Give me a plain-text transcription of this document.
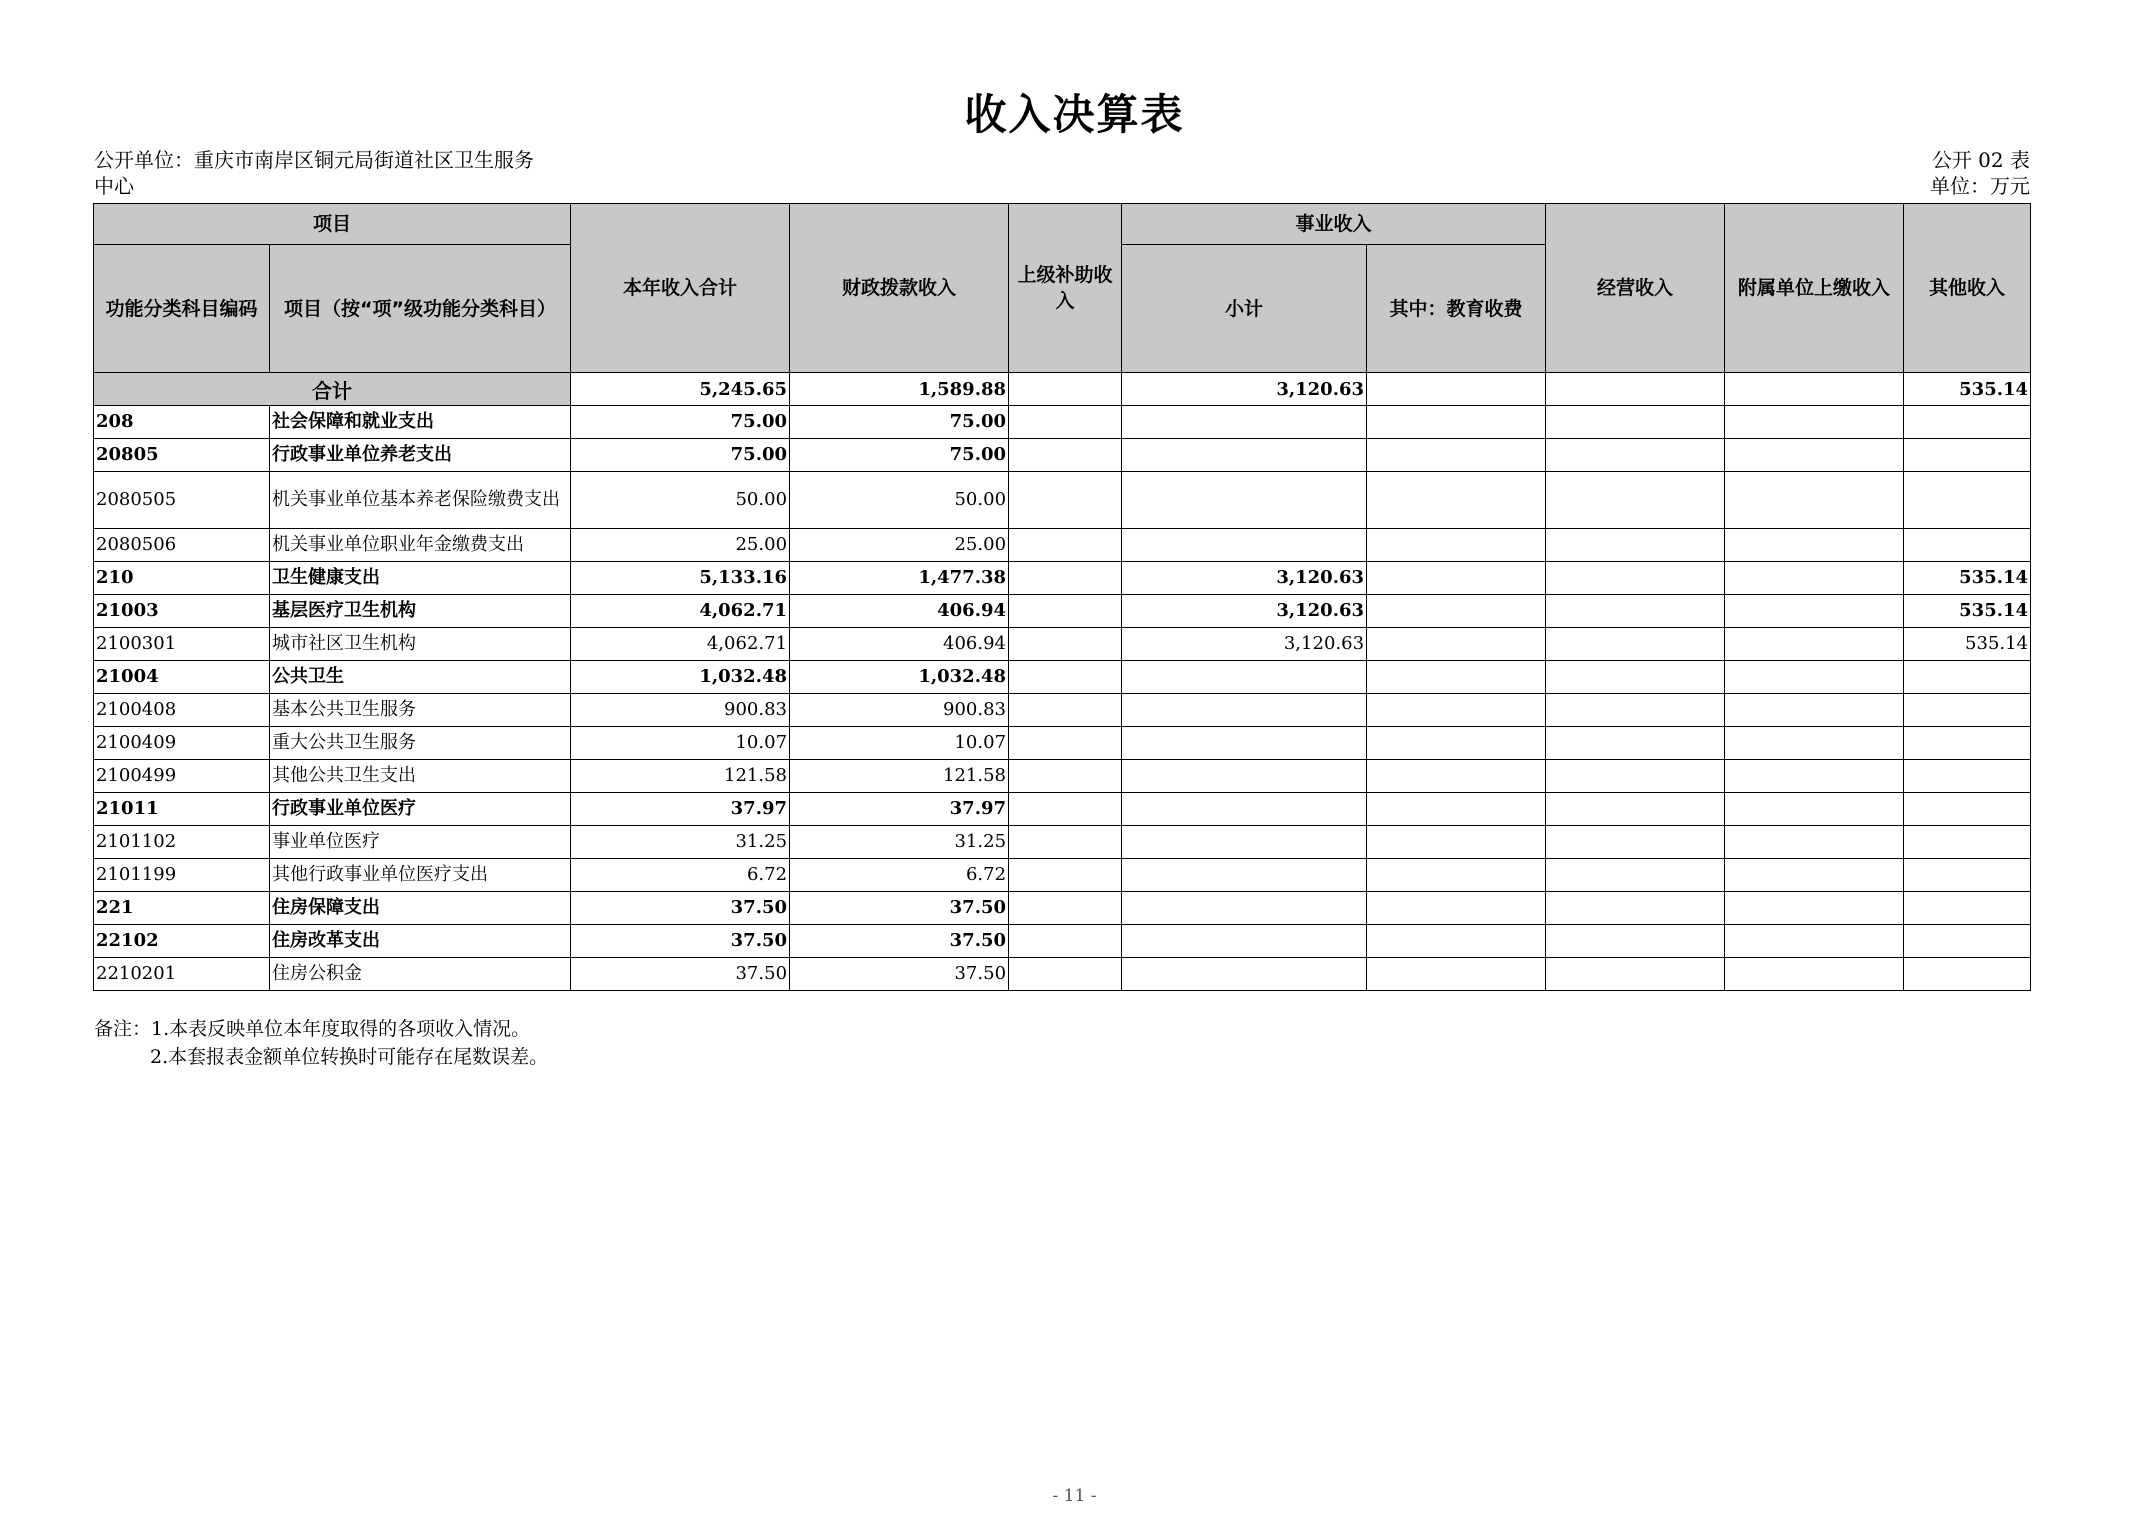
收入决算表
公开单位：重庆市南岸区铜元局街道社区卫生服务
中心
公开 02 表
单位：万元
项目		本年收入合计	财政拨款收入	上级补助收入	事业收入		经营收入	附属单位上缴收入	其他收入
功能分类科目编码	项目（按“项”级功能分类科目）				小计	其中：教育收费			
合计		5,245.65	1,589.88		3,120.63				535.14
208	社会保障和就业支出	75.00	75.00						
20805	行政事业单位养老支出	75.00	75.00						
2080505	机关事业单位基本养老保险缴费支出	50.00	50.00						
2080506	机关事业单位职业年金缴费支出	25.00	25.00						
210	卫生健康支出	5,133.16	1,477.38		3,120.63				535.14
21003	基层医疗卫生机构	4,062.71	406.94		3,120.63				535.14
2100301	城市社区卫生机构	4,062.71	406.94		3,120.63				535.14
21004	公共卫生	1,032.48	1,032.48						
2100408	基本公共卫生服务	900.83	900.83						
2100409	重大公共卫生服务	10.07	10.07						
2100499	其他公共卫生支出	121.58	121.58						
21011	行政事业单位医疗	37.97	37.97						
2101102	事业单位医疗	31.25	31.25						
2101199	其他行政事业单位医疗支出	6.72	6.72						
221	住房保障支出	37.50	37.50						
22102	住房改革支出	37.50	37.50						
2210201	住房公积金	37.50	37.50						
备注：1.本表反映单位本年度取得的各项收入情况。
2.本套报表金额单位转换时可能存在尾数误差。
- 11 -
